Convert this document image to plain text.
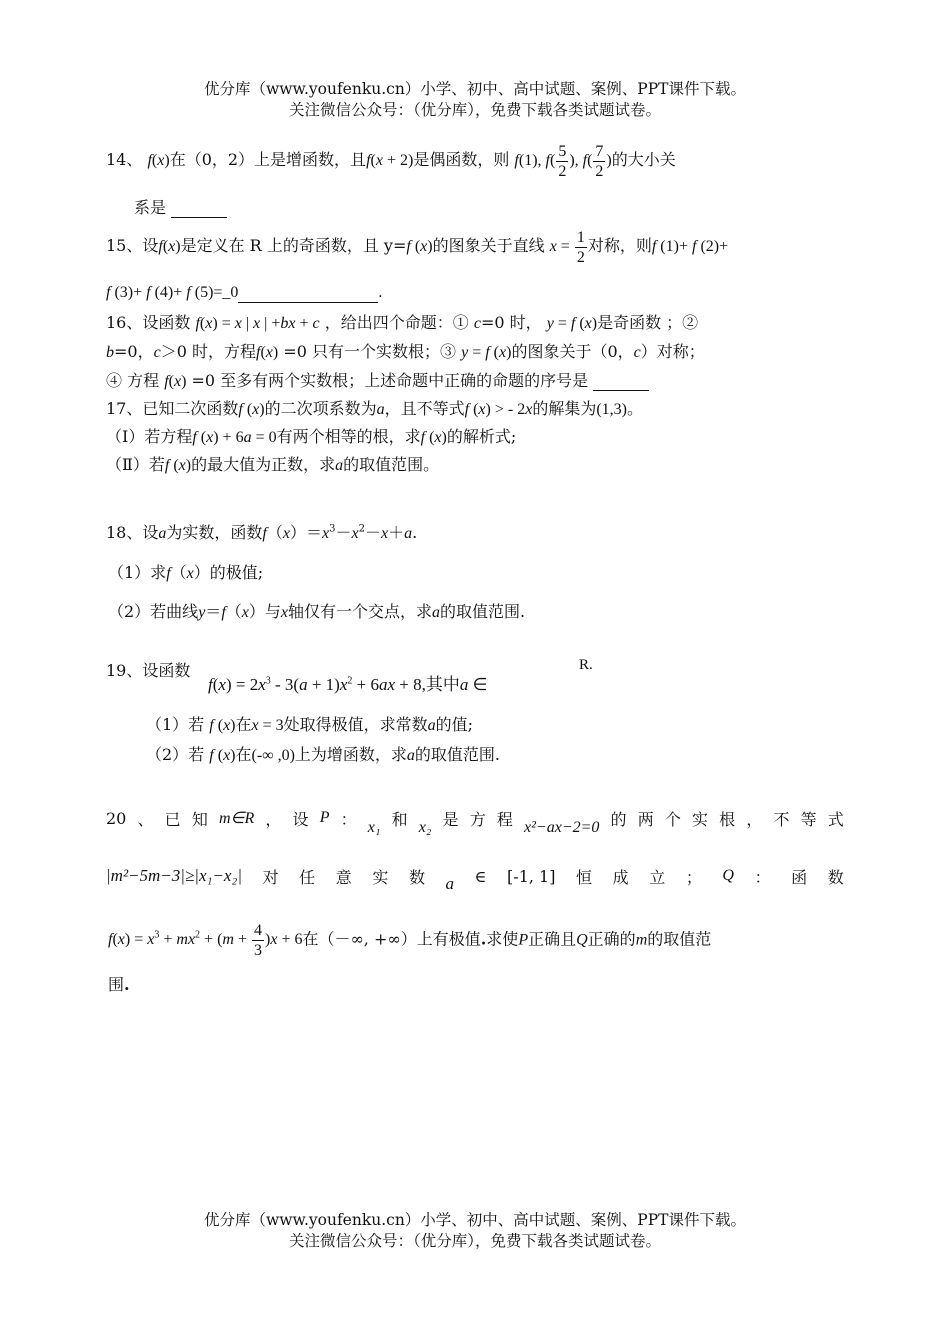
优分库（www.youfenku.cn）小学、初中、高中试题、案例、PPT课件下载。
关注微信公众号：（优分库），免费下载各类试题试卷。
14、 f(x)在（0，2）上是增函数，且f(x + 2)是偶函数，则 f(1), $f( \frac{5}{2}$ ), $f( \frac{7}{2}$ )的大小关
系是
15、设f(x)是定义在 R 上的奇函数，且 y=f (x)的图象关于直线 $x = \frac{1}{2}$ 对称，则f (1)+ f (2)+
f (3)+ f (4)+ f (5)=_0	.
16、设函数 f(x) = x | x | +bx + c ，给出四个命题：① c=0 时， y = f (x)是奇函数 ；②
b=0，c＞0 时，方程f(x) =0 只有一个实数根；③ y = f (x)的图象关于（0，c）对称；
④ 方程 f(x) =0 至多有两个实数根；上述命题中正确的命题的序号是
17、已知二次函数f (x)的二次项系数为a，且不等式f (x) > - 2x的解集为(1,3)。
（Ⅰ）若方程f (x) + 6a = 0有两个相等的根，求f (x)的解析式;
（Ⅱ）若f (x)的最大值为正数，求a的取值范围。
18、设a为实数，函数$f(x)=x^3-x^2-x+a$.
（1）求f（x）的极值;
（2）若曲线y＝f（x）与x轴仅有一个交点，求a的取值范围.
19、设函数
$f(x) = 2x^3 - 3(a + 1)x^2 + 6ax + 8$,其中a ∈
R.
（1）若 f (x)在x = 3处取得极值，求常数a的值;
（2）若 f (x)在(-∞ ,0)上为增函数，求a的取值范围.
20 、 已 知 m∈R ， 设 P ： x₁ 和 x₂ 是 方 程 x²−ax−2=0 的 两 个 实 根 ， 不 等 式
|m²−5m−3|≥|x₁−x₂| 对 任 意 实 数 a ∈ [-1, 1] 恒 成 立 ； Q ： 函 数
$f(x) = x^3 + mx^2 + (m + \frac{4}{3} )x + 6$在（－∞, +∞）上有极值.求使P正确且Q正确的m的取值范
围.
优分库（www.youfenku.cn）小学、初中、高中试题、案例、PPT课件下载。
关注微信公众号：（优分库），免费下载各类试题试卷。
